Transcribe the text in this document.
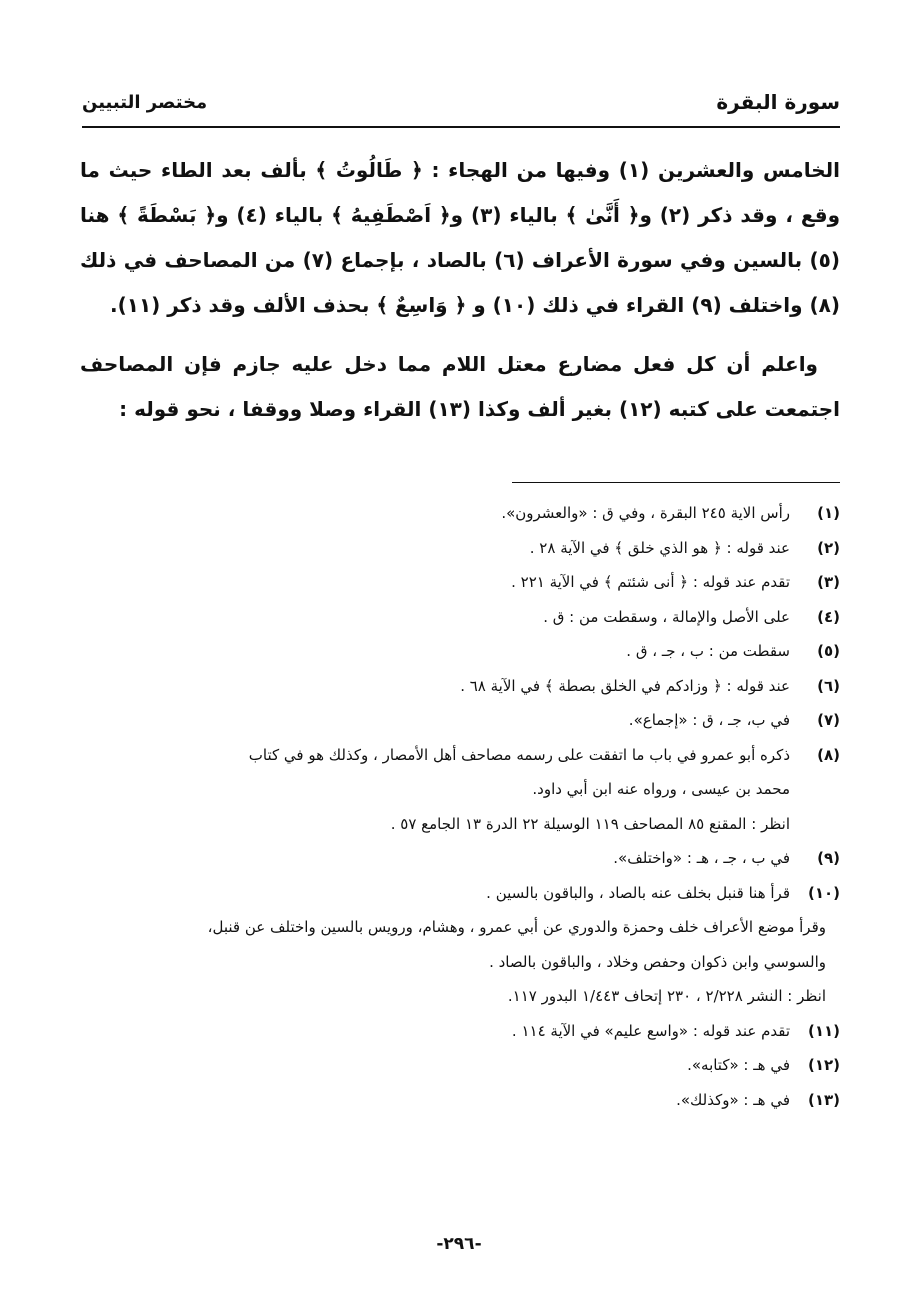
سورة البقرة
مختصر التبيين

الخامس والعشرين (١) وفيها من الهجاء : ﴿ طَالُوتُ ﴾ بألف بعد الطاء حيث ما وقع ، وقد ذكر (٢) و﴿ أَنَّىٰ ﴾ بالياء (٣) و﴿ اَصْطَفِيهُ ﴾ بالياء (٤) و﴿ بَسْطَةً ﴾ هنا (٥) بالسين وفي سورة الأعراف (٦) بالصاد ، بإجماع (٧) من المصاحف في ذلك (٨) واختلف (٩) القراء في ذلك (١٠) و ﴿ وَاسِعٌ ﴾ بحذف الألف وقد ذكر (١١).

واعلم أن كل فعل مضارع معتل اللام مما دخل عليه جازم فإن المصاحف اجتمعت على كتبه (١٢) بغير ألف وكذا (١٣) القراء وصلا ووقفا ، نحو قوله :

(١)
رأس الاية ٢٤٥ البقرة ، وفي ق : «والعشرون».
(٢)
عند قوله : ﴿ هو الذي خلق ﴾ في الآية ٢٨ .
(٣)
تقدم عند قوله : ﴿ أنى شئتم ﴾ في الآية ٢٢١ .
(٤)
على الأصل والإمالة ، وسقطت من : ق .
(٥)
سقطت من : ب ، جـ ، ق .
(٦)
عند قوله : ﴿ وزادكم في الخلق بصطة ﴾ في الآية ٦٨ .
(٧)
في ب، جـ ، ق : «إجماع».
(٨)
ذكره أبو عمرو في باب ما اتفقت على رسمه مصاحف أهل الأمصار ، وكذلك هو في كتاب
محمد بن عيسى ، ورواه عنه ابن أبي داود.
انظر : المقنع ٨٥ المصاحف ١١٩ الوسيلة ٢٢ الدرة ١٣ الجامع ٥٧ .
(٩)
في ب ، جـ ، هـ : «واختلف».
(١٠)
قرأ هنا قنبل بخلف عنه بالصاد ، والباقون بالسين .
وقرأ موضع الأعراف خلف وحمزة والدوري عن أبي عمرو ، وهشام، ورويس بالسين واختلف عن قنبل،
والسوسي وابن ذكوان وحفص وخلاد ، والباقون بالصاد .
انظر : النشر ٢/٢٢٨ ، ٢٣٠ إتحاف ١/٤٤٣ البدور ١١٧.
(١١)
تقدم عند قوله : «واسع عليم» في الآية ١١٤ .
(١٢)
في هـ : «كتابه».
(١٣)
في هـ : «وكذلك».
-٢٩٦-
